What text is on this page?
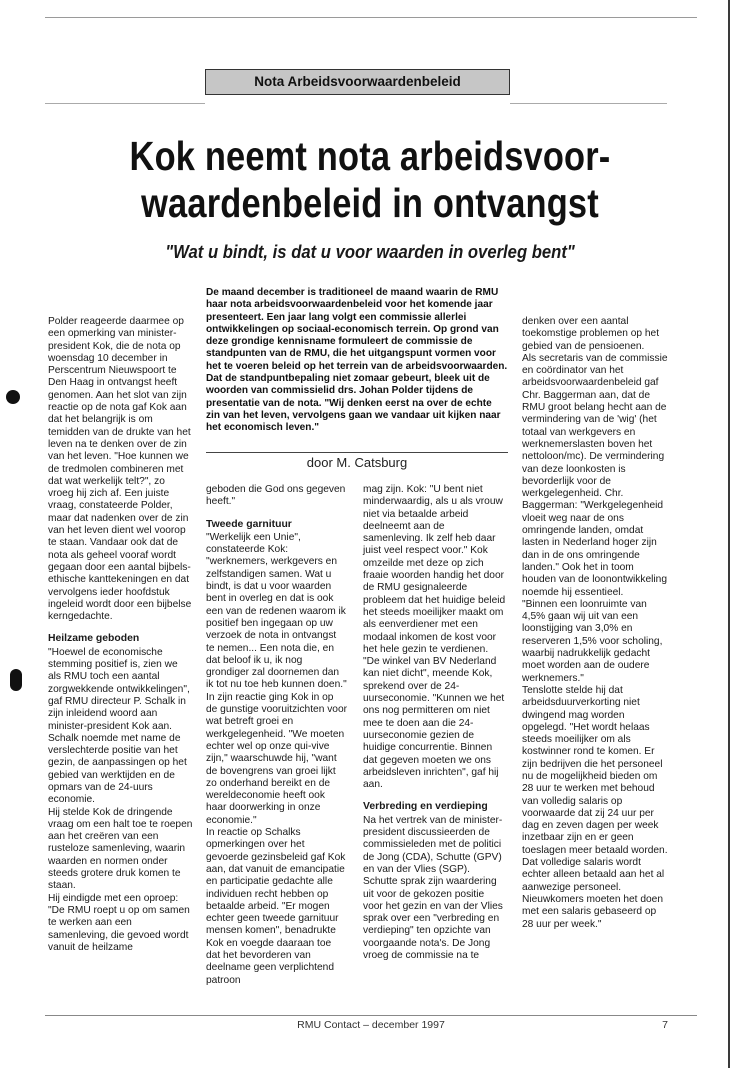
Nota Arbeidsvoorwaardenbeleid
Kok neemt nota arbeidsvoor-
waardenbeleid in ontvangst

"Wat u bindt, is dat u voor waarden in overleg bent"

Polder reageerde daarmee op een opmerking van minister-president Kok, die de nota op woensdag 10 december in Perscentrum Nieuwspoort te Den Haag in ontvangst heeft genomen. Aan het slot van zijn reactie op de nota gaf Kok aan dat het belangrijk is om temidden van de drukte van het leven na te denken over de zin van het leven. "Hoe kunnen we de tredmolen combineren met dat wat werkelijk telt?", zo vroeg hij zich af. Een juiste vraag, constateerde Polder, maar dat nadenken over de zin van het leven dient wel voorop te staan. Vandaar ook dat de nota als geheel vooraf wordt gegaan door een aantal bijbels-ethische kanttekeningen en dat vervolgens ieder hoofdstuk ingeleid wordt door een bijbelse kerngedachte.

Heilzame geboden

"Hoewel de economische stemming positief is, zien we als RMU toch een aantal zorgwekkende ontwikkelingen", gaf RMU directeur P. Schalk in zijn inleidend woord aan minister-president Kok aan. Schalk noemde met name de verslechterde positie van het gezin, de aanpassingen op het gebied van werktijden en de opmars van de 24-uurs economie.

Hij stelde Kok de dringende vraag om een halt toe te roepen aan het creëren van een rusteloze samenleving, waarin waarden en normen onder steeds grotere druk komen te staan.

Hij eindigde met een oproep: "De RMU roept u op om samen te werken aan een samenleving, die gevoed wordt vanuit de heilzame

De maand december is traditioneel de maand waarin de RMU haar nota arbeidsvoorwaardenbeleid voor het komende jaar presenteert. Een jaar lang volgt een commissie allerlei ontwikkelingen op sociaal-economisch terrein. Op grond van deze grondige kennisname formuleert de commissie de standpunten van de RMU, die het uitgangspunt vormen voor het te voeren beleid op het terrein van de arbeidsvoorwaarden. Dat de standpuntbepaling niet zomaar gebeurt, bleek uit de woorden van commissielid drs. Johan Polder tijdens de presentatie van de nota. "Wij denken eerst na over de echte zin van het leven, vervolgens gaan we vandaar uit kijken naar het economisch leven."

door M. Catsburg

geboden die God ons gegeven heeft."

Tweede garnituur

"Werkelijk een Unie", constateerde Kok: "werknemers, werkgevers en zelfstandigen samen. Wat u bindt, is dat u voor waarden bent in overleg en dat is ook een van de redenen waarom ik positief ben ingegaan op uw verzoek de nota in ontvangst te nemen... Een nota die, en dat beloof ik u, ik nog grondiger zal doornemen dan ik tot nu toe heb kunnen doen." In zijn reactie ging Kok in op de gunstige vooruitzichten voor wat betreft groei en werkgelegenheid. "We moeten echter wel op onze qui-vive zijn," waarschuwde hij, "want de bovengrens van groei lijkt zo onderhand bereikt en de wereldeconomie heeft ook haar doorwerking in onze economie."

In reactie op Schalks opmerkingen over het gevoerde gezinsbeleid gaf Kok aan, dat vanuit de emancipatie en participatie gedachte alle individuen recht hebben op betaalde arbeid. "Er mogen echter geen tweede garnituur mensen komen", benadrukte Kok en voegde daaraan toe dat het bevorderen van deelname geen verplichtend patroon

mag zijn. Kok: "U bent niet minderwaardig, als u als vrouw niet via betaalde arbeid deelneemt aan de samenleving. Ik zelf heb daar juist veel respect voor." Kok omzeilde met deze op zich fraaie woorden handig het door de RMU gesignaleerde probleem dat het huidige beleid het steeds moeilijker maakt om als eenverdiener met een modaal inkomen de kost voor het hele gezin te verdienen. "De winkel van BV Nederland kan niet dicht", meende Kok, sprekend over de 24-uurseconomie. "Kunnen we het ons nog permitteren om niet mee te doen aan die 24-uurseconomie gezien de huidige concurrentie. Binnen dat gegeven moeten we ons arbeidsleven inrichten", gaf hij aan.

Verbreding en verdieping

Na het vertrek van de minister-president discussieerden de commissieleden met de politici de Jong (CDA), Schutte (GPV) en van der Vlies (SGP). Schutte sprak zijn waardering uit voor de gekozen positie voor het gezin en van der Vlies sprak over een "verbreding en verdieping" ten opzichte van voorgaande nota's. De Jong vroeg de commissie na te

denken over een aantal toekomstige problemen op het gebied van de pensioenen.

Als secretaris van de commissie en coördinator van het arbeidsvoorwaardenbeleid gaf Chr. Baggerman aan, dat de RMU groot belang hecht aan de vermindering van de 'wig' (het totaal van werkgevers en werknemerslasten boven het nettoloon/mc). De vermindering van deze loonkosten is bevorderlijk voor de werkgelegenheid. Chr. Baggerman: "Werkgelegenheid vloeit weg naar de ons omringende landen, omdat lasten in Nederland hoger zijn dan in de ons omringende landen." Ook het in toom houden van de loonontwikkeling noemde hij essentieel.

"Binnen een loonruimte van 4,5% gaan wij uit van een loonstijging van 3,0% en reserveren 1,5% voor scholing, waarbij nadrukkelijk gedacht moet worden aan de oudere werknemers."

Tenslotte stelde hij dat arbeidsduurverkorting niet dwingend mag worden opgelegd. "Het wordt helaas steeds moeilijker om als kostwinner rond te komen. Er zijn bedrijven die het personeel nu de mogelijkheid bieden om 28 uur te werken met behoud van volledig salaris op voorwaarde dat zij 24 uur per dag en zeven dagen per week inzetbaar zijn en er geen toeslagen meer betaald worden. Dat volledige salaris wordt echter alleen betaald aan het al aanwezige personeel. Nieuwkomers moeten het doen met een salaris gebaseerd op 28 uur per week."

RMU Contact – december 1997	7
